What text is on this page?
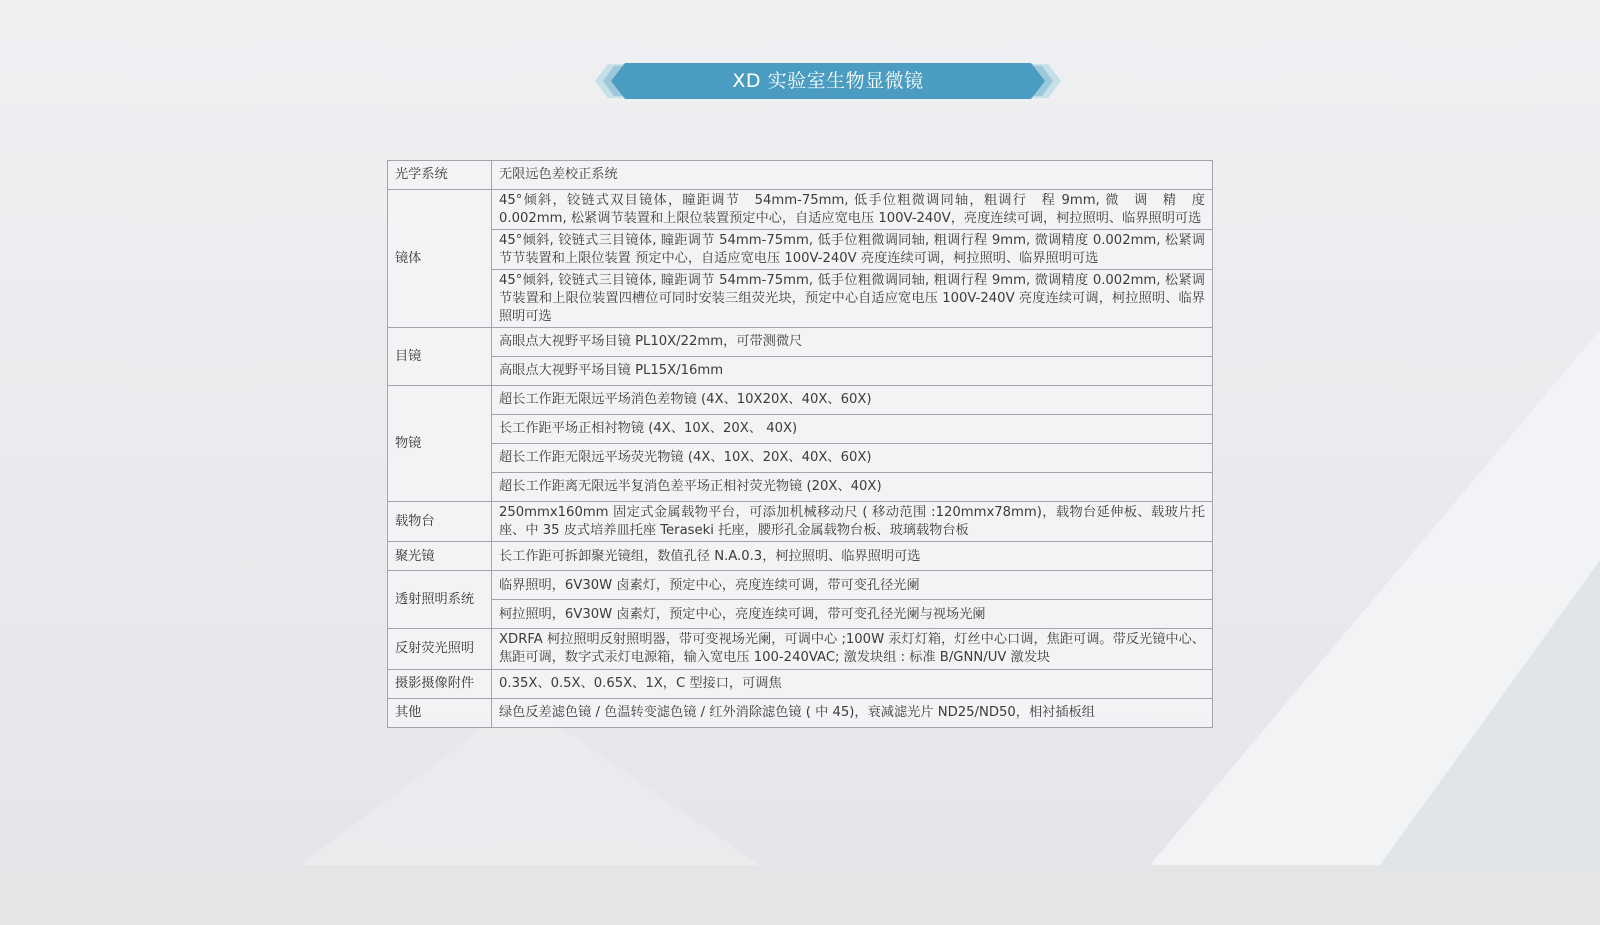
XD 实验室生物显微镜
光学系统	无限远色差校正系统
镜体	45°倾斜，铰链式双目镜体，瞳距调节　54mm-75mm, 低手位粗微调同轴，粗调行　程 9mm, 微　调　精　度 0.002mm, 松紧调节装置和上限位装置预定中心，自适应宽电压 100V-240V，亮度连续可调，柯拉照明、临界照明可选
	45°倾斜, 铰链式三目镜体, 瞳距调节 54mm-75mm, 低手位粗微调同轴, 粗调行程 9mm, 微调精度 0.002mm, 松紧调节节装置和上限位装置 预定中心，自适应宽电压 100V-240V 亮度连续可调，柯拉照明、临界照明可选
	45°倾斜, 铰链式三目镜体, 瞳距调节 54mm-75mm, 低手位粗微调同轴, 粗调行程 9mm, 微调精度 0.002mm, 松紧调节装置和上限位装置四槽位可同时安装三组荧光块，预定中心自适应宽电压 100V-240V 亮度连续可调，柯拉照明、临界照明可选
目镜	高眼点大视野平场目镜 PL10X/22mm，可带测微尺
	高眼点大视野平场目镜 PL15X/16mm
物镜	超长工作距无限远平场消色差物镜 (4X、10X20X、40X、60X)
	长工作距平场正相衬物镜 (4X、10X、20X、 40X)
	超长工作距无限远平场荧光物镜 (4X、10X、20X、40X、60X)
	超长工作距离无限远半复消色差平场正相衬荧光物镜 (20X、40X)
载物台	250mmx160mm 固定式金属载物平台，可添加机械移动尺 ( 移动范围 :120mmx78mm)，载物台延伸板、载玻片托座、中 35 皮式培养皿托座 Teraseki 托座，腰形孔金属载物台板、玻璃载物台板
聚光镜	长工作距可拆卸聚光镜组，数值孔径 N.A.0.3，柯拉照明、临界照明可选
透射照明系统	临界照明，6V30W 卤素灯，预定中心，亮度连续可调，带可变孔径光阑
	柯拉照明，6V30W 卤素灯，预定中心，亮度连续可调，带可变孔径光阑与视场光阑
反射荧光照明	XDRFA 柯拉照明反射照明器，带可变视场光阑，可调中心 ;100W 汞灯灯箱，灯丝中心口调，焦距可调。带反光镜中心、焦距可调，数字式汞灯电源箱，输入宽电压 100-240VAC; 激发块组 : 标准 B/GNN/UV 激发块
摄影摄像附件	0.35X、0.5X、0.65X、1X，C 型接口，可调焦
其他	绿色反差滤色镜 / 色温转变滤色镜 / 红外消除滤色镜 ( 中 45)，衰减滤光片 ND25/ND50，相衬插板组
